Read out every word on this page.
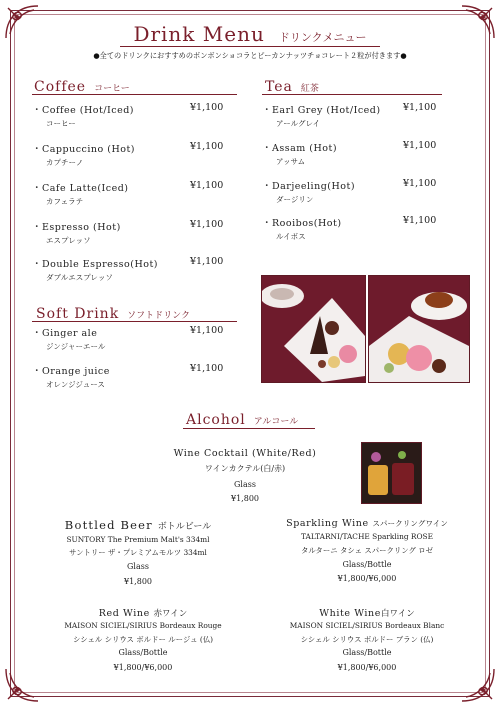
Drink Menu ドリンクメニュー
●全てのドリンクにおすすめのボンボンショコラとピーカンナッツチョコレート２粒が付きます●
Coffee コーヒー
・Coffee (Hot/Iced)
コーヒー
¥1,100
・Cappuccino (Hot)
カプチーノ
¥1,100
・Cafe Latte(Iced)
カフェラテ
¥1,100
・Espresso (Hot)
エスプレッソ
¥1,100
・Double Espresso(Hot)
ダブルエスプレッソ
¥1,100
Tea 紅茶
・Earl Grey (Hot/Iced)
アールグレイ
¥1,100
・Assam (Hot)
アッサム
¥1,100
・Darjeeling(Hot)
ダージリン
¥1,100
・Rooibos(Hot)
ルイボス
¥1,100
Soft Drink ソフトドリンク
・Ginger ale
ジンジャーエール
¥1,100
・Orange juice
オレンジジュース
¥1,100
Alcohol アルコール
Wine Cocktail (White/Red)
ワインカクテル(白/赤)
Glass
¥1,800
Bottled Beer ボトルビール
SUNTORY The Premium Malt's 334ml
サントリー ザ・プレミアムモルツ 334ml
Glass
¥1,800
Sparkling Wine スパークリングワイン
TALTARNI/TACHE Sparkling ROSE
タルターニ タシェ スパークリング ロゼ
Glass/Bottle
¥1,800/¥6,000
Red Wine 赤ワイン
MAISON SICIEL/SIRIUS Bordeaux Rouge
シシェル シリウス ボルドー ルージュ (仏)
Glass/Bottle
¥1,800/¥6,000
White Wine白ワイン
MAISON SICIEL/SIRIUS Bordeaux Blanc
シシェル シリウス ボルドー ブラン (仏)
Glass/Bottle
¥1,800/¥6,000
